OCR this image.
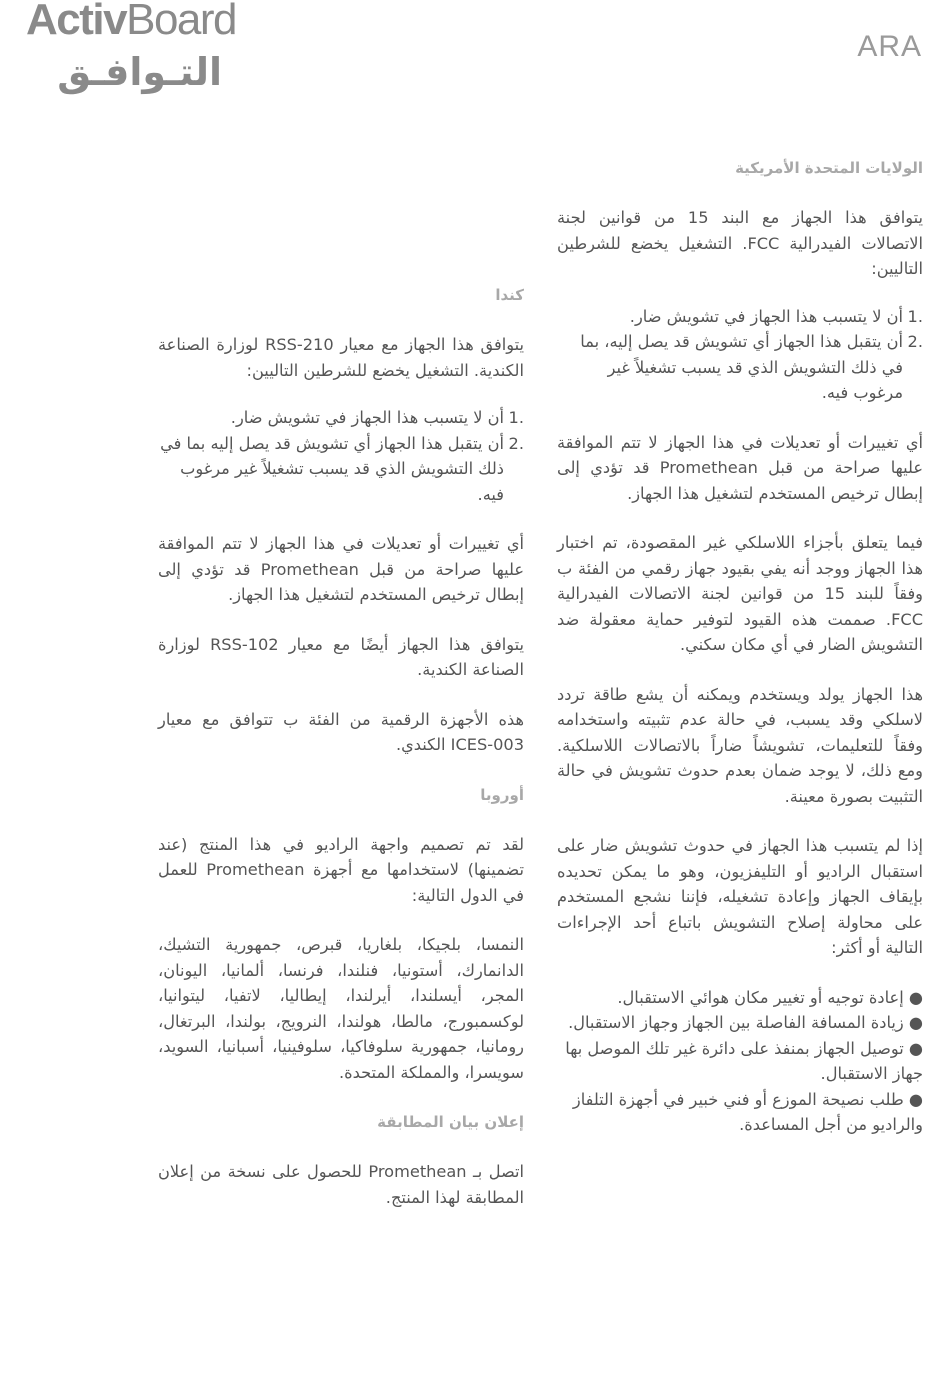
ActivBoard
التـوافـق
ARA
الولايات المتحدة الأمريكية

يتوافق هذا الجهاز مع البند 15 من قوانين لجنة الاتصالات الفيدرالية FCC. التشغيل يخضع للشرطين التاليين:

.1
أن لا يتسبب هذا الجهاز في تشويش ضار.
.2
أن يتقبل هذا الجهاز أي تشويش قد يصل إليه، بما في ذلك التشويش الذي قد يسبب تشغيلاً غير مرغوب فيه.

أي تغييرات أو تعديلات في هذا الجهاز لا تتم الموافقة عليها صراحة من قبل Promethean قد تؤدي إلى إبطال ترخيص المستخدم لتشغيل هذا الجهاز.

فيما يتعلق بأجزاء اللاسلكي غير المقصودة، تم اختبار هذا الجهاز ووجد أنه يفي بقيود جهاز رقمي من الفئة ب وفقاً للبند 15 من قوانين لجنة الاتصالات الفيدرالية FCC. صممت هذه القيود لتوفير حماية معقولة ضد التشويش الضار في أي مكان سكني.

هذا الجهاز يولد ويستخدم ويمكنه أن يشع طاقة تردد لاسلكي وقد يسبب، في حالة عدم تثبيته واستخدامه وفقاً للتعليمات، تشويشاً ضاراً بالاتصالات اللاسلكية. ومع ذلك، لا يوجد ضمان بعدم حدوث تشويش في حالة التثبيت بصورة معينة.

إذا لم يتسبب هذا الجهاز في حدوث تشويش ضار على استقبال الراديو أو التليفزيون، وهو ما يمكن تحديده بإيقاف الجهاز وإعادة تشغيله، فإننا نشجع المستخدم على محاولة إصلاح التشويش باتباع أحد الإجراءات التالية أو أكثر:

● إعادة توجيه أو تغيير مكان هوائي الاستقبال.
● زيادة المسافة الفاصلة بين الجهاز وجهاز الاستقبال.
● توصيل الجهاز بمنفذ على دائرة غير تلك الموصل بها جهاز الاستقبال.
● طلب نصيحة الموزع أو فني خبير في أجهزة التلفاز والراديو من أجل المساعدة.
كندا

يتوافق هذا الجهاز مع معيار RSS-210 لوزارة الصناعة الكندية. التشغيل يخضع للشرطين التاليين:

.1
أن لا يتسبب هذا الجهاز في تشويش ضار.
.2
أن يتقبل هذا الجهاز أي تشويش قد يصل إليه بما في ذلك التشويش الذي قد يسبب تشغيلاً غير مرغوب فيه.

أي تغييرات أو تعديلات في هذا الجهاز لا تتم الموافقة عليها صراحة من قبل Promethean قد تؤدي إلى إبطال ترخيص المستخدم لتشغيل هذا الجهاز.

يتوافق هذا الجهاز أيضًا مع معيار RSS-102 لوزارة الصناعة الكندية.

هذه الأجهزة الرقمية من الفئة ب تتوافق مع معيار ICES-003 الكندي.

أوروبا

لقد تم تصميم واجهة الراديو في هذا المنتج (عند تضمينها) لاستخدامها مع أجهزة Promethean للعمل في الدول التالية:

النمسا، بلجيكا، بلغاريا، قبرص، جمهورية التشيك، الدانمارك، أستونيا، فنلندا، فرنسا، ألمانيا، اليونان، المجر، أيسلندا، أيرلندا، إيطاليا، لاتفيا، ليتوانيا، لوكسمبورج، مالطا، هولندا، النرويج، بولندا، البرتغال، رومانيا، جمهورية سلوفاكيا، سلوفينيا، أسبانيا، السويد، سويسرا، والمملكة المتحدة.

إعلان بيان المطابقة

اتصل بـ Promethean للحصول على نسخة من إعلان المطابقة لهذا المنتج.
